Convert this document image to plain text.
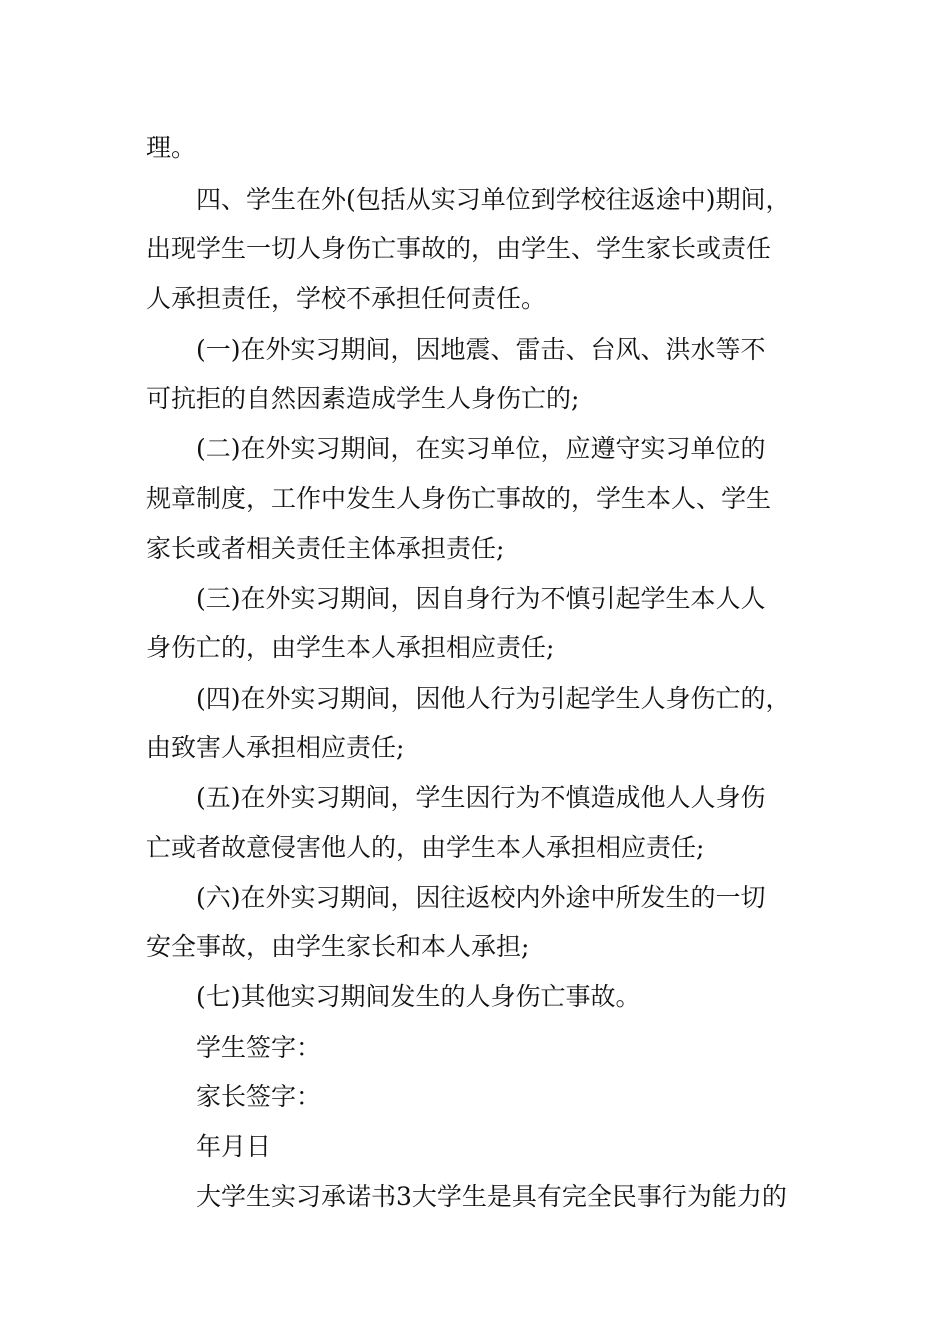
理。
四、学生在外(包括从实习单位到学校往返途中)期间，
出现学生一切人身伤亡事故的，由学生、学生家长或责任
人承担责任，学校不承担任何责任。
(一)在外实习期间，因地震、雷击、台风、洪水等不
可抗拒的自然因素造成学生人身伤亡的;
(二)在外实习期间，在实习单位，应遵守实习单位的
规章制度，工作中发生人身伤亡事故的，学生本人、学生
家长或者相关责任主体承担责任;
(三)在外实习期间，因自身行为不慎引起学生本人人
身伤亡的，由学生本人承担相应责任;
(四)在外实习期间，因他人行为引起学生人身伤亡的，
由致害人承担相应责任;
(五)在外实习期间，学生因行为不慎造成他人人身伤
亡或者故意侵害他人的，由学生本人承担相应责任;
(六)在外实习期间，因往返校内外途中所发生的一切
安全事故，由学生家长和本人承担;
(七)其他实习期间发生的人身伤亡事故。
学生签字：
家长签字：
年月日
大学生实习承诺书3大学生是具有完全民事行为能力的
